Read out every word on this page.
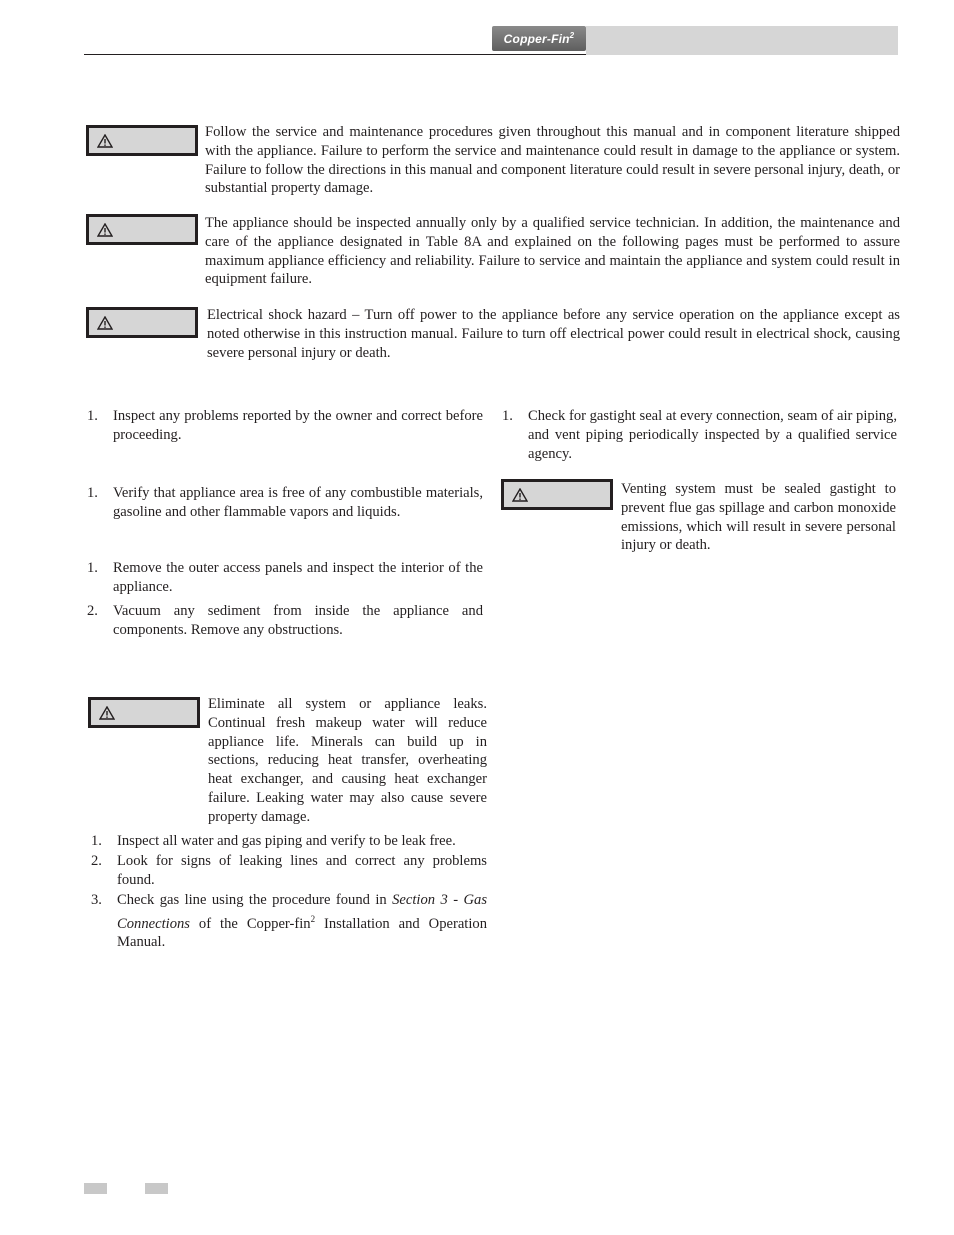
Copper-Fin$^2$

Follow the service and maintenance procedures given throughout this manual and in component literature shipped with the appliance. Failure to perform the service and maintenance could result in damage to the appliance or system. Failure to follow the directions in this manual and component literature could result in severe personal injury, death, or substantial property damage.

The appliance should be inspected annually only by a qualified service technician. In addition, the maintenance and care of the appliance designated in Table 8A and explained on the following pages must be performed to assure maximum appliance efficiency and reliability. Failure to service and maintain the appliance and system could result in equipment failure.

Electrical shock hazard – Turn off power to the appliance before any service operation on the appliance except as noted otherwise in this instruction manual. Failure to turn off electrical power could result in electrical shock, causing severe personal injury or death.

1. Inspect any problems reported by the owner and correct before proceeding.
1. Verify that appliance area is free of any combustible materials, gasoline and other flammable vapors and liquids.
1. Remove the outer access panels and inspect the interior of the appliance.
2. Vacuum any sediment from inside the appliance and components. Remove any obstructions.

Eliminate all system or appliance leaks. Continual fresh makeup water will reduce appliance life. Minerals can build up in sections, reducing heat transfer, overheating heat exchanger, and causing heat exchanger failure. Leaking water may also cause severe property damage.

1. Inspect all water and gas piping and verify to be leak free.
2. Look for signs of leaking lines and correct any problems found.
3. Check gas line using the procedure found in Section 3 - Gas Connections of the Copper-fin$^2$ Installation and Operation Manual.
1. Check for gastight seal at every connection, seam of air piping, and vent piping periodically inspected by a qualified service agency.

Venting system must be sealed gastight to prevent flue gas spillage and carbon monoxide emissions, which will result in severe personal injury or death.
